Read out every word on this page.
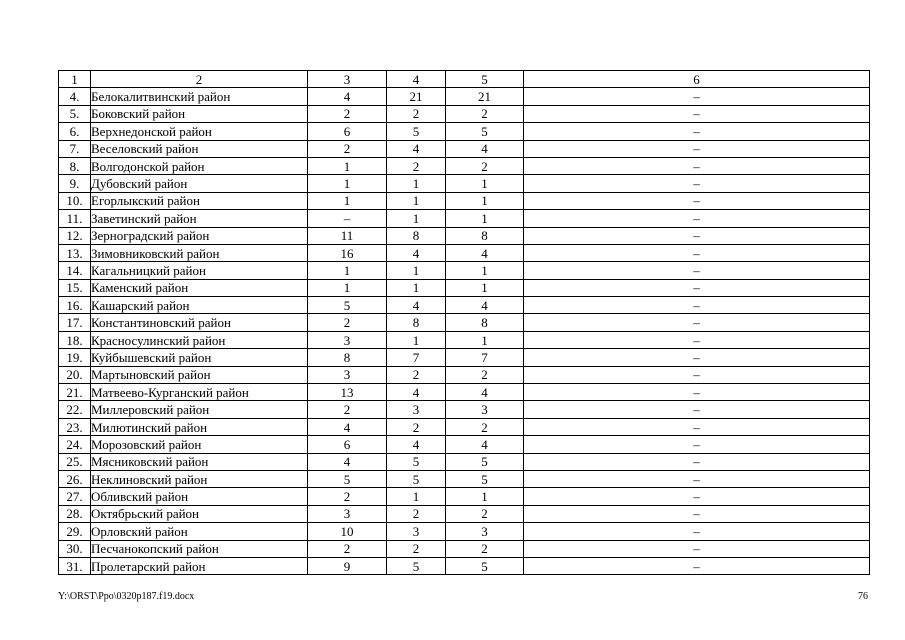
1	2	3	4	5	6
4.	Белокалитвинский район	4	21	21	–
5.	Боковский район	2	2	2	–
6.	Верхнедонской район	6	5	5	–
7.	Веселовский район	2	4	4	–
8.	Волгодонской район	1	2	2	–
9.	Дубовский район	1	1	1	–
10.	Егорлыкский район	1	1	1	–
11.	Заветинский район	–	1	1	–
12.	Зерноградский район	11	8	8	–
13.	Зимовниковский район	16	4	4	–
14.	Кагальницкий район	1	1	1	–
15.	Каменский район	1	1	1	–
16.	Кашарский район	5	4	4	–
17.	Константиновский район	2	8	8	–
18.	Красносулинский район	3	1	1	–
19.	Куйбышевский район	8	7	7	–
20.	Мартыновский район	3	2	2	–
21.	Матвеево-Курганский район	13	4	4	–
22.	Миллеровский район	2	3	3	–
23.	Милютинский район	4	2	2	–
24.	Морозовский район	6	4	4	–
25.	Мясниковский район	4	5	5	–
26.	Неклиновский район	5	5	5	–
27.	Обливский район	2	1	1	–
28.	Октябрьский район	3	2	2	–
29.	Орловский район	10	3	3	–
30.	Песчанокопский район	2	2	2	–
31.	Пролетарский район	9	5	5	–
Y:\ORST\Ppo\0320p187.f19.docx	76
